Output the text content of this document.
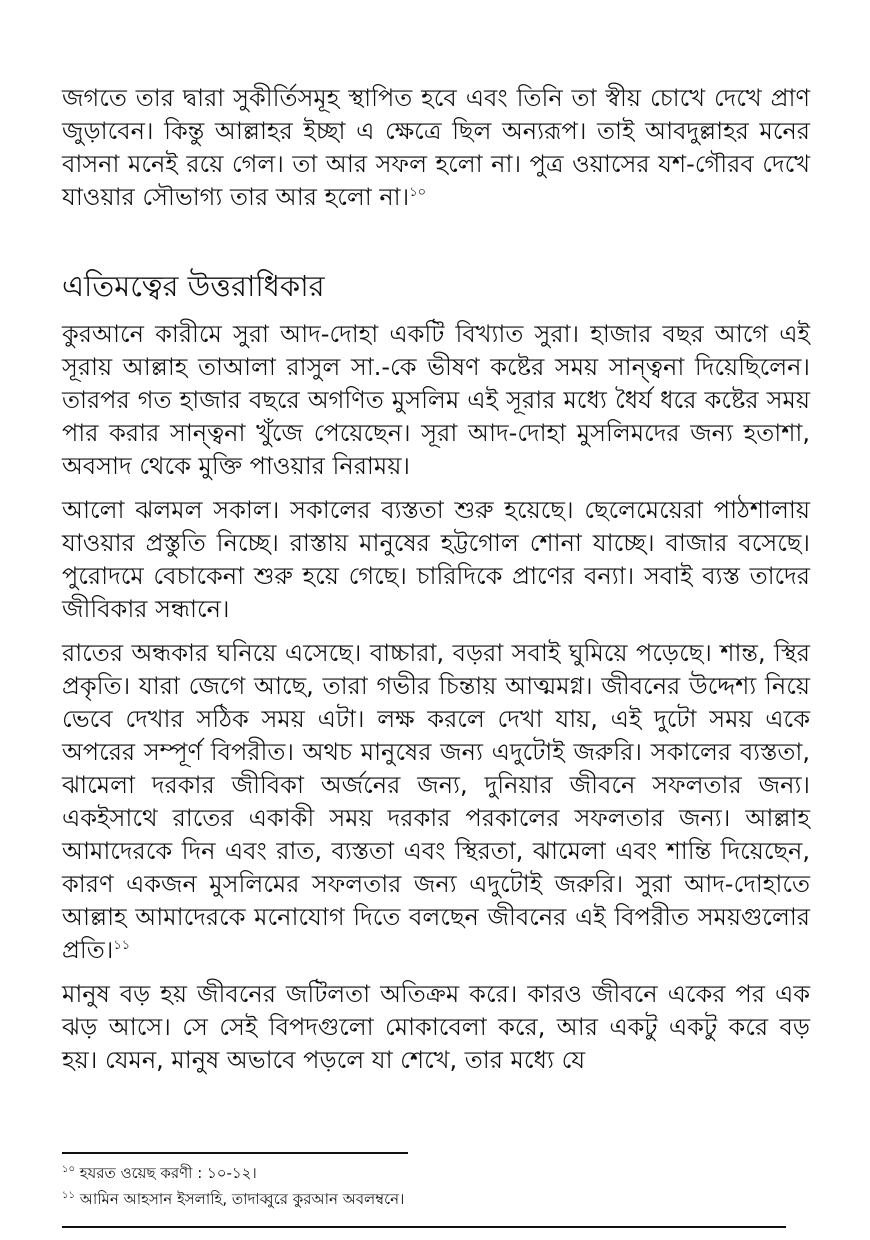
জগতে তার দ্বারা সুকীর্তিসমূহ স্থাপিত হবে এবং তিনি তা স্বীয় চোখে দেখে প্রাণ জুড়াবেন। কিন্তু আল্লাহর ইচ্ছা এ ক্ষেত্রে ছিল অন্যরূপ। তাই আবদুল্লাহর মনের বাসনা মনেই রয়ে গেল। তা আর সফল হলো না। পুত্র ওয়াসের যশ-গৌরব দেখে যাওয়ার সৌভাগ্য তার আর হলো না।$^{১০}$

এতিমত্বের উত্তরাধিকার

কুরআনে কারীমে সুরা আদ-দোহা একটি বিখ্যাত সুরা। হাজার বছর আগে এই সূরায় আল্লাহ তাআলা রাসুল সা.-কে ভীষণ কষ্টের সময় সান্ত্বনা দিয়েছিলেন। তারপর গত হাজার বছরে অগণিত মুসলিম এই সূরার মধ্যে ধৈর্য ধরে কষ্টের সময় পার করার সান্ত্বনা খুঁজে পেয়েছেন। সূরা আদ-দোহা মুসলিমদের জন্য হতাশা, অবসাদ থেকে মুক্তি পাওয়ার নিরাময়।

আলো ঝলমল সকাল। সকালের ব্যস্ততা শুরু হয়েছে। ছেলেমেয়েরা পাঠশালায় যাওয়ার প্রস্তুতি নিচ্ছে। রাস্তায় মানুষের হট্টগোল শোনা যাচ্ছে। বাজার বসেছে। পুরোদমে বেচাকেনা শুরু হয়ে গেছে। চারিদিকে প্রাণের বন্যা। সবাই ব্যস্ত তাদের জীবিকার সন্ধানে।

রাতের অন্ধকার ঘনিয়ে এসেছে। বাচ্চারা, বড়রা সবাই ঘুমিয়ে পড়েছে। শান্ত, স্থির প্রকৃতি। যারা জেগে আছে, তারা গভীর চিন্তায় আত্মমগ্ন। জীবনের উদ্দেশ্য নিয়ে ভেবে দেখার সঠিক সময় এটা। লক্ষ করলে দেখা যায়, এই দুটো সময় একে অপরের সম্পূর্ণ বিপরীত। অথচ মানুষের জন্য এদুটোই জরুরি। সকালের ব্যস্ততা, ঝামেলা দরকার জীবিকা অর্জনের জন্য, দুনিয়ার জীবনে সফলতার জন্য। একইসাথে রাতের একাকী সময় দরকার পরকালের সফলতার জন্য। আল্লাহ আমাদেরকে দিন এবং রাত, ব্যস্ততা এবং স্থিরতা, ঝামেলা এবং শান্তি দিয়েছেন, কারণ একজন মুসলিমের সফলতার জন্য এদুটোই জরুরি। সুরা আদ-দোহাতে আল্লাহ আমাদেরকে মনোযোগ দিতে বলছেন জীবনের এই বিপরীত সময়গুলোর প্রতি।$^{১১}$

মানুষ বড় হয় জীবনের জটিলতা অতিক্রম করে। কারও জীবনে একের পর এক ঝড় আসে। সে সেই বিপদগুলো মোকাবেলা করে, আর একটু একটু করে বড় হয়। যেমন, মানুষ অভাবে পড়লে যা শেখে, তার মধ্যে যে

$^{১০}$ হযরত ওয়েছ করণী : ১০-১২।

$^{১১}$ আমিন আহসান ইসলাহি, তাদাব্বুরে কুরআন অবলম্বনে।
